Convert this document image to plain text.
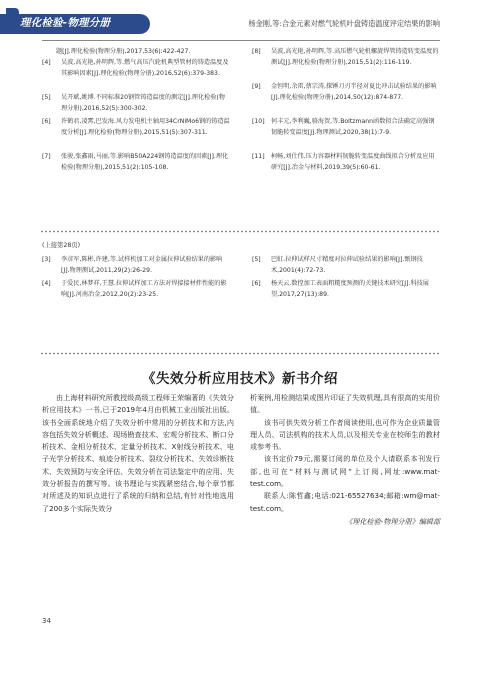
理化检验-物理分册	杨金刚,等:合金元素对燃气轮机叶盘铸造温度评定结果的影响
题[J].理化检验(物理分册),2017,53(6):422-427.
[4]	吴波,高光艳,孙明辉,等.燃气高压汽轮机典型管材的铸造温度及其影响因素[J].理化检验(物理分册),2016,52(6):379-383.
[5]	吴开斌,姚博.不同标准20钢管铸造温度的测定[J].理化检验(物理分册),2016,52(5):300-302.
[6]	许鹤君,凌霄,巴发海.风力发电机主轴用34CrNiMo6钢的铸造温度分析[J].理化检验(物理分册),2015,51(5):307-311.
[7]	张骏,张鑫雨,马丽,等.影响B50A224钢铸造温度的因素[J].理化检验(物理分册),2015,51(2):105-108.
[8]	吴波,高光艳,孙明辉,等.高压燃气轮机螺旋焊管铸造转变温度的测试[J].理化检验(物理分册),2015,51(2):116-119.
[9]	金恒明,余雷,蔡宗涛,探锤刀刃半径对夏比冲击试验结果的影响[J].理化检验(物理分册),2014,50(12):874-877.
[10]	何丰元,李利巍,骆海贺,等.Boltzmann函数拟合法确定高强钢韧脆转变温度[J].物理测试,2020,38(1):7-9.
[11]	柯畅,刘仕伟.压力容器材料韧脆转变温度曲线拟合分析及应用研究[J].冶金与材料,2019,39(5):60-61.
(上接第28页)
[3]	李彦军,陈彬,许建,等.试样机加工对金属拉伸试验结果的影响[J].物理测试,2011,29(2):26-29.
[4]	于爱民,林梦祥,王慧.拉伸试样加工方法对焊接接材拌性能的影响[J].河南冶金,2012,20(2):23-25.
[5]	巴虹.拉伸试样尺寸精度对拉伸试验结果的影响[J].甄钢技术,2001(4):72-73.
[6]	杨天云.数控加工表面粗糙度预测的关键技术研究[J].科技展望,2017,27(13):89.
《失效分析应用技术》新书介绍

由上海材料研究所教授级高级工程师王荣编著的《失效分析应用技术》一书,已于2019年4月由机械工业出版社出版。该书全面系统地介绍了失效分析中常用的分析技术和方法,内容包括失效分析概述、现场勘查技术、宏观分析技术、断口分析技术、金相分析技术、定量分析技术、X射线分析技术、电子光学分析技术、痕迹分析技术、裂纹分析技术、失效诊断技术、失效预防与安全评估、失效分析在司法鉴定中的应用、失效分析报告的撰写等。该书理论与实践紧密结合,每个章节都对所述及的知识点进行了系统的归纳和总结,有针对性地选用了200多个实际失效分

析案例,用检测结果或图片印证了失效机理,具有很高的实用价值。

该书可供失效分析工作者阅读使用,也可作为企业质量管理人员、司法机构的技术人员,以及相关专业在校师生的教材或参考书。

该书定价79元,需要订阅的单位及个人请联系本刊发行部,也可在“材料与测试网”上订阅,网址:www.mat-test.com。

联系人:陈哲鑫;电话:021-65527634;邮箱:wm@mat-test.com。

《理化检验-物理分册》编辑部
34
